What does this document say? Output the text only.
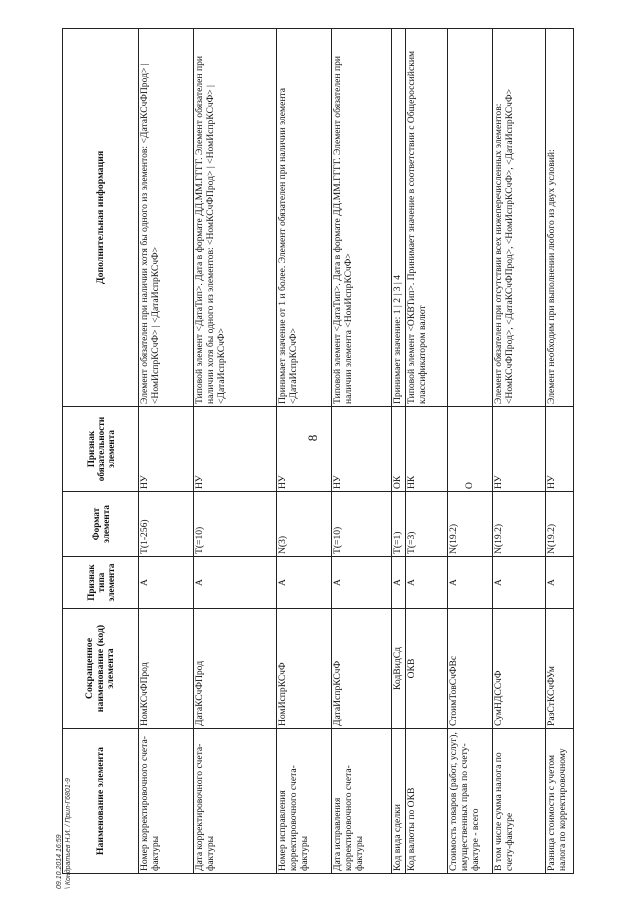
Наименование элемента	Сокращенное наименование (код) элемента	Признак типа элемента	Формат элемента	Признак обязательности элемента	Дополнительная информация
Номер корректировочного счета-фактуры	НомКСчФПрод	А	Т(1-256)	НУ	Элемент обязателен при наличии хотя бы одного из элементов: <ДатаКСчФПрод> | <НомИспрКСчФ> | <ДатаИспрКСчФ>
Дата корректировочного счета-фактуры	ДатаКСчФПрод	А	T(=10)	НУ	Типовой элемент <ДатаТип>. Дата в формате ДД.ММ.ГГГГ. Элемент обязателен при наличии хотя бы одного из элементов: <НомКСчФПрод> | <НомИспрКСчФ> | <ДатаИспрКСчФ>
Номер исправления корректировочного счета-фактуры	НомИспрКСчФ	А	N(3)	НУ	Принимает значение от 1 и более. Элемент обязателен при наличии элемента <ДатаИспрКСчФ>
Дата исправления корректировочного счета-фактуры	ДатаИспрКСчФ	А	T(=10)	НУ	Типовой элемент <ДатаТип>. Дата в формате ДД.ММ.ГГГГ. Элемент обязателен при наличии элемента <НомИспрКСчФ>
Код вида сделки	КодВидСд	А	T(=1)	ОК	Принимает значение: 1 | 2 | 3 | 4
Код валюты по ОКВ	ОКВ	А	T(=3)	НК	Типовой элемент <ОКВТип>. Принимает значение в соответствии с Общероссийским классификатором валют
Стоимость товаров (работ, услуг), имущественных прав по счету-фактуре - всего	СтоимТовСчФВс	А	N(19.2)	О	
В том числе сумма налога по счету-фактуре	СумНДССчФ	А	N(19.2)	НУ	Элемент обязателен при отсутствии всех нижеперечисленных элементов: <НомКСчФПрод>, <ДатаКСчФПрод>, <НомИспрКСчФ>, <ДатаИспрКСчФ>
Разница стоимости с учетом налога по корректировочному	РазСтКСчФУм	А	N(19.2)	НУ	Элемент необходим при выполнении любого из двух условий:
8
09.10.2014 16:59 \ Кондратьев Н.И. / Прил-Г6801-9
